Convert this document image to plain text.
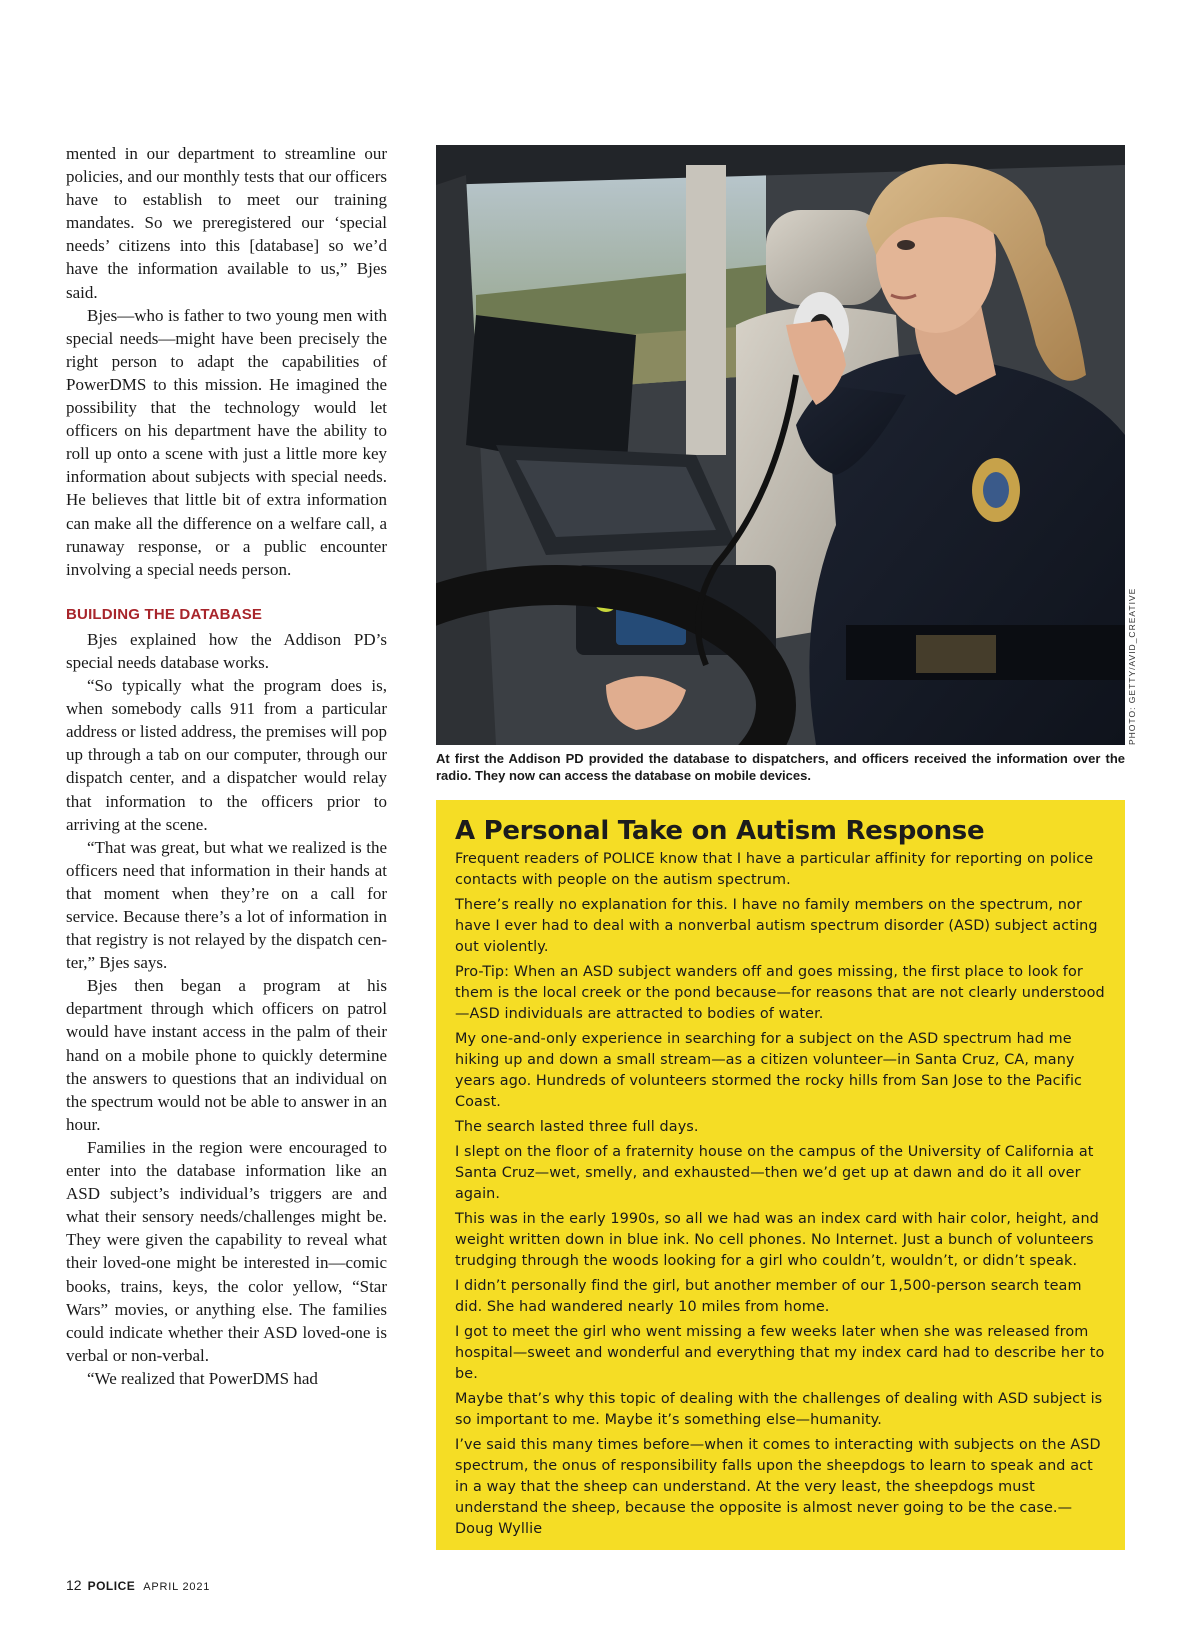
mented in our department to streamline our policies, and our monthly tests that our officers have to establish to meet our training mandates. So we preregistered our ‘special needs’ citizens into this [database] so we’d have the information available to us,” Bjes said.

Bjes—who is father to two young men with special needs—might have been precisely the right person to adapt the capabilities of PowerDMS to this mission. He imagined the possibility that the technology would let officers on his department have the ability to roll up onto a scene with just a little more key information about subjects with special needs. He believes that little bit of extra information can make all the difference on a welfare call, a runaway response, or a public encounter involving a special needs person.

BUILDING THE DATABASE

Bjes explained how the Addison PD’s special needs database works.

“So typically what the program does is, when somebody calls 911 from a particular address or listed address, the premises will pop up through a tab on our computer, through our dispatch center, and a dispatcher would relay that information to the officers prior to arriving at the scene.

“That was great, but what we realized is the officers need that information in their hands at that moment when they’re on a call for service. Because there’s a lot of information in that registry is not relayed by the dispatch center,” Bjes says.

Bjes then began a program at his department through which officers on patrol would have instant access in the palm of their hand on a mobile phone to quickly determine the answers to questions that an individual on the spectrum would not be able to answer in an hour.

Families in the region were encouraged to enter into the database information like an ASD subject’s individual’s triggers are and what their sensory needs/challenges might be. They were given the capability to reveal what their loved-one might be interested in—comic books, trains, keys, the color yellow, “Star Wars” movies, or anything else. The families could indicate whether their ASD loved-one is verbal or non-verbal.

“We realized that PowerDMS had

PHOTO: GETTY/AVID_CREATIVE
At first the Addison PD provided the database to dispatchers, and officers received the information over the radio. They now can access the database on mobile devices.
A Personal Take on Autism Response

Frequent readers of POLICE know that I have a particular affinity for reporting on police contacts with people on the autism spectrum.

There’s really no explanation for this. I have no family members on the spectrum, nor have I ever had to deal with a nonverbal autism spectrum disorder (ASD) subject acting out violently.

Pro-Tip: When an ASD subject wanders off and goes missing, the first place to look for them is the local creek or the pond because—for reasons that are not clearly understood—ASD individuals are attracted to bodies of water.

My one-and-only experience in searching for a subject on the ASD spectrum had me hiking up and down a small stream—as a citizen volunteer—in Santa Cruz, CA, many years ago. Hundreds of volunteers stormed the rocky hills from San Jose to the Pacific Coast.

The search lasted three full days.

I slept on the floor of a fraternity house on the campus of the University of California at Santa Cruz—wet, smelly, and exhausted—then we’d get up at dawn and do it all over again.

This was in the early 1990s, so all we had was an index card with hair color, height, and weight written down in blue ink. No cell phones. No Internet. Just a bunch of volunteers trudging through the woods looking for a girl who couldn’t, wouldn’t, or didn’t speak.

I didn’t personally find the girl, but another member of our 1,500-person search team did. She had wandered nearly 10 miles from home.

I got to meet the girl who went missing a few weeks later when she was released from hospital—sweet and wonderful and everything that my index card had to describe her to be.

Maybe that’s why this topic of dealing with the challenges of dealing with ASD subject is so important to me. Maybe it’s something else—humanity.

I’ve said this many times before—when it comes to interacting with subjects on the ASD spectrum, the onus of responsibility falls upon the sheepdogs to learn to speak and act in a way that the sheep can understand. At the very least, the sheepdogs must understand the sheep, because the opposite is almost never going to be the case.— Doug Wyllie

12 POLICE APRIL 2021
